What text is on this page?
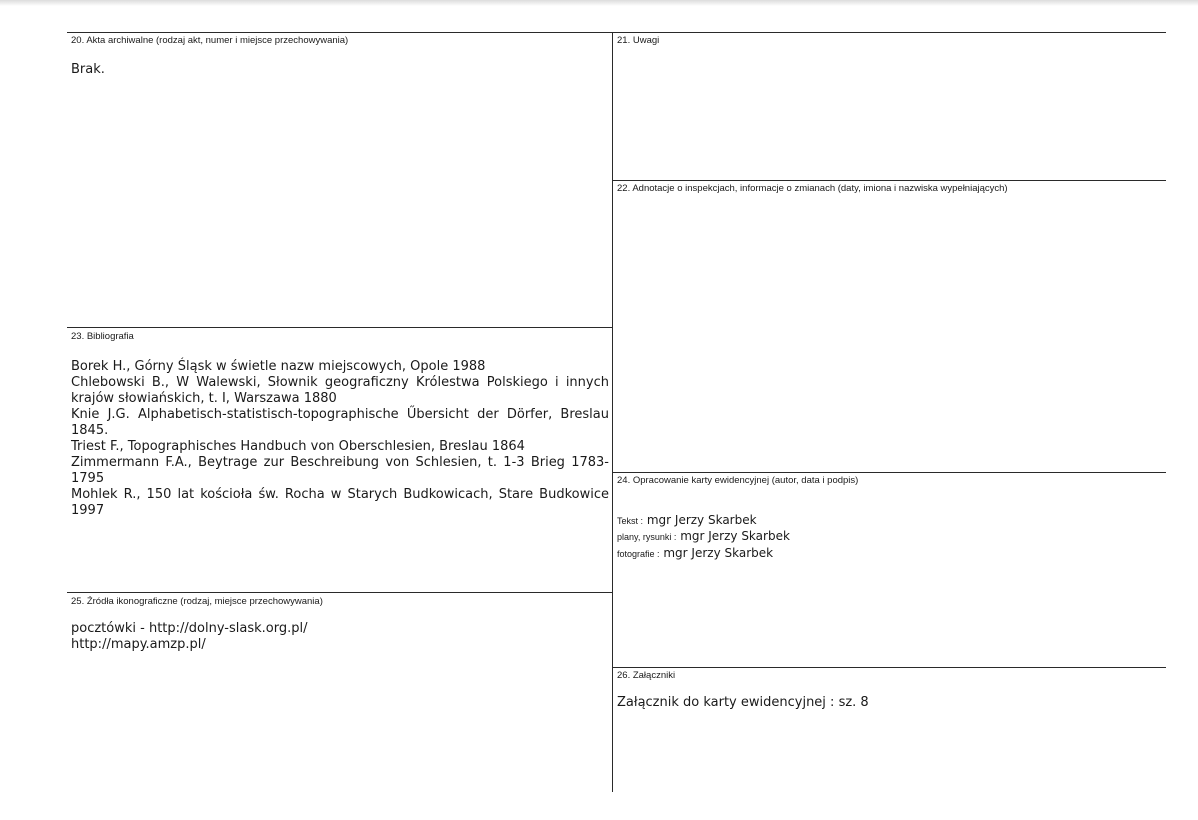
20. Akta archiwalne (rodzaj akt, numer i miejsce przechowywania)
Brak.
21. Uwagi
22. Adnotacje o inspekcjach, informacje o zmianach (daty, imiona i nazwiska wypełniających)
23. Bibliografia
Borek H., Górny Śląsk w świetle nazw miejscowych, Opole 1988
Chlebowski B., W Walewski, Słownik geograficzny Królestwa Polskiego i innych krajów słowiańskich, t. I, Warszawa 1880
Knie J.G. Alphabetisch-statistisch-topographische Űbersicht der Dörfer, Breslau 1845.
Triest F., Topographisches Handbuch von Oberschlesien, Breslau 1864
Zimmermann F.A., Beytrage zur Beschreibung von Schlesien, t. 1-3 Brieg 1783-1795
Mohlek R., 150 lat kościoła św. Rocha w Starych Budkowicach, Stare Budkowice 1997
24. Opracowanie karty ewidencyjnej (autor, data i podpis)
Tekst : mgr Jerzy Skarbek
plany, rysunki : mgr Jerzy Skarbek
fotografie : mgr Jerzy Skarbek
25. Źródła ikonograficzne (rodzaj, miejsce przechowywania)
pocztówki - http://dolny-slask.org.pl/
http://mapy.amzp.pl/
26. Załączniki
Załącznik do karty ewidencyjnej : sz. 8
